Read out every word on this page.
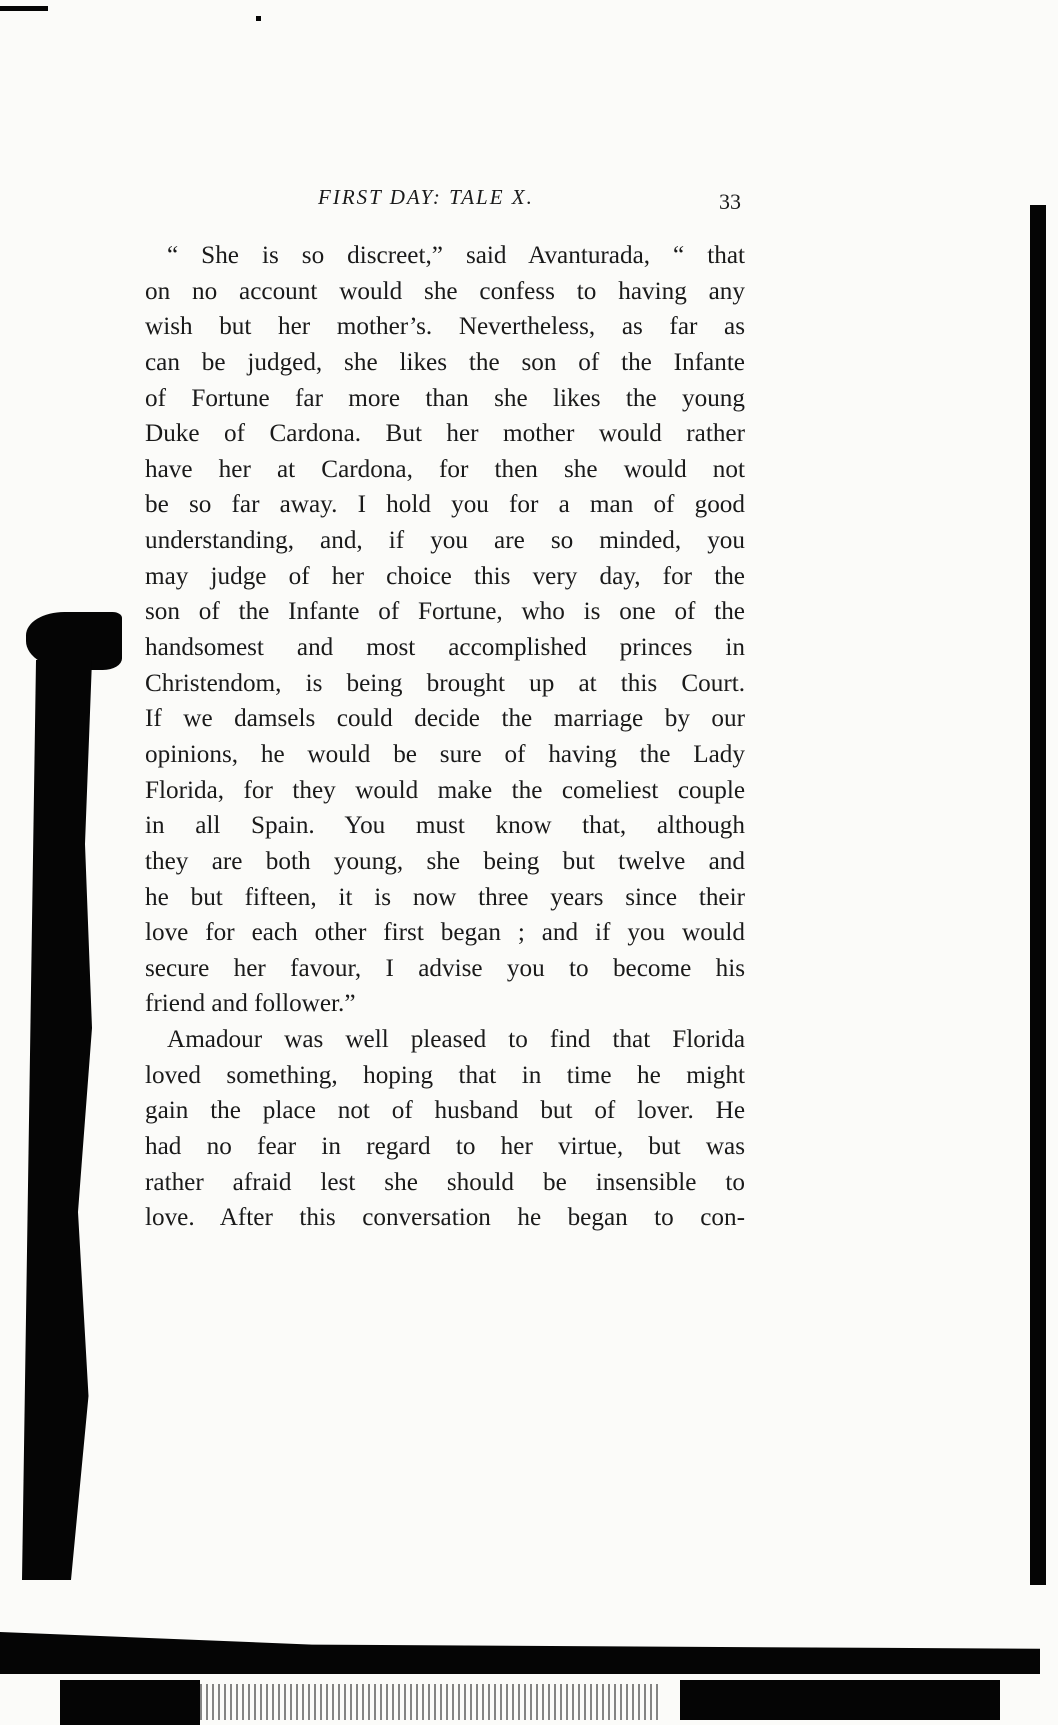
FIRST DAY: TALE X.	33
“ She is so discreet,” said Avanturada, “ that
on no account would she confess to having any
wish but her mother’s. Nevertheless, as far as
can be judged, she likes the son of the Infante
of Fortune far more than she likes the young
Duke of Cardona. But her mother would rather
have her at Cardona, for then she would not
be so far away. I hold you for a man of good
understanding, and, if you are so minded, you
may judge of her choice this very day, for the
son of the Infante of Fortune, who is one of the
handsomest and most accomplished princes in
Christendom, is being brought up at this Court.
If we damsels could decide the marriage by our
opinions, he would be sure of having the Lady
Florida, for they would make the comeliest couple
in all Spain. You must know that, although
they are both young, she being but twelve and
he but fifteen, it is now three years since their
love for each other first began ; and if you would
secure her favour, I advise you to become his
friend and follower.”
Amadour was well pleased to find that Florida
loved something, hoping that in time he might
gain the place not of husband but of lover. He
had no fear in regard to her virtue, but was
rather afraid lest she should be insensible to
love. After this conversation he began to con-
